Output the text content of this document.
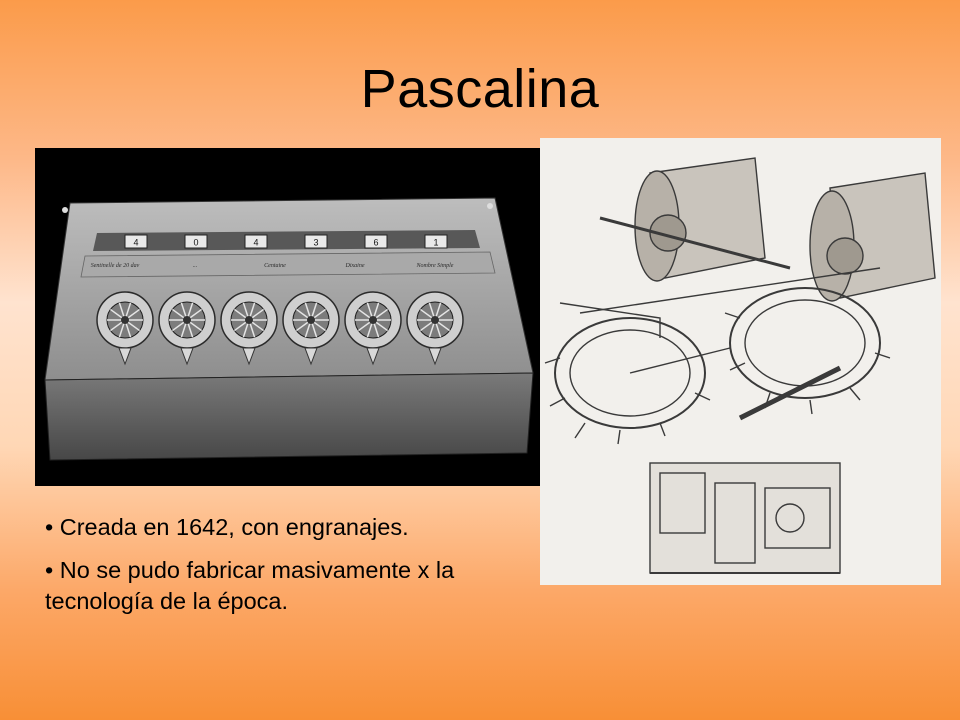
Pascalina
4	0	4	3	6	1
Sentinelle de 20 dav	...	Centaine	Dixaine	Nombre Simple

• Creada en 1642, con engranajes.

• No se pudo fabricar masivamente x la tecnología de la época.
